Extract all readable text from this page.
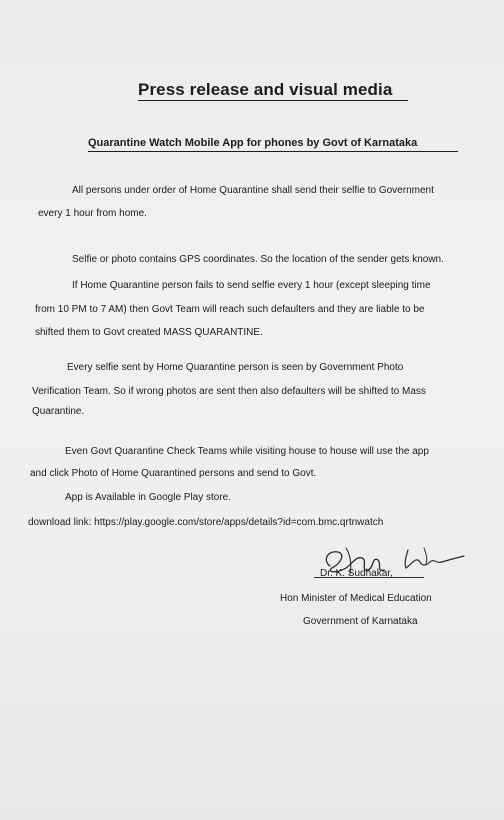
Press release and visual media
Quarantine Watch Mobile App for phones by Govt of Karnataka
All persons under order of Home Quarantine shall send their selfie to Government
every 1 hour from home.
Selfie or photo contains GPS coordinates. So the location of the sender gets known.
If Home Quarantine person fails to send selfie every 1 hour (except sleeping time
from 10 PM to 7 AM) then Govt Team will reach such defaulters and they are liable to be
shifted them to Govt created MASS QUARANTINE.
Every selfie sent by Home Quarantine person is seen by Government Photo
Verification Team. So if wrong photos are sent then also defaulters will be shifted to Mass
Quarantine.
Even Govt Quarantine Check Teams while visiting house to house will use the app
and click Photo of Home Quarantined persons and send to Govt.
App is Available in Google Play store.
download link: https://play.google.com/store/apps/details?id=com.bmc.qrtnwatch
Dr. K. Sudhakar,
Hon Minister of Medical Education
Government of Karnataka
